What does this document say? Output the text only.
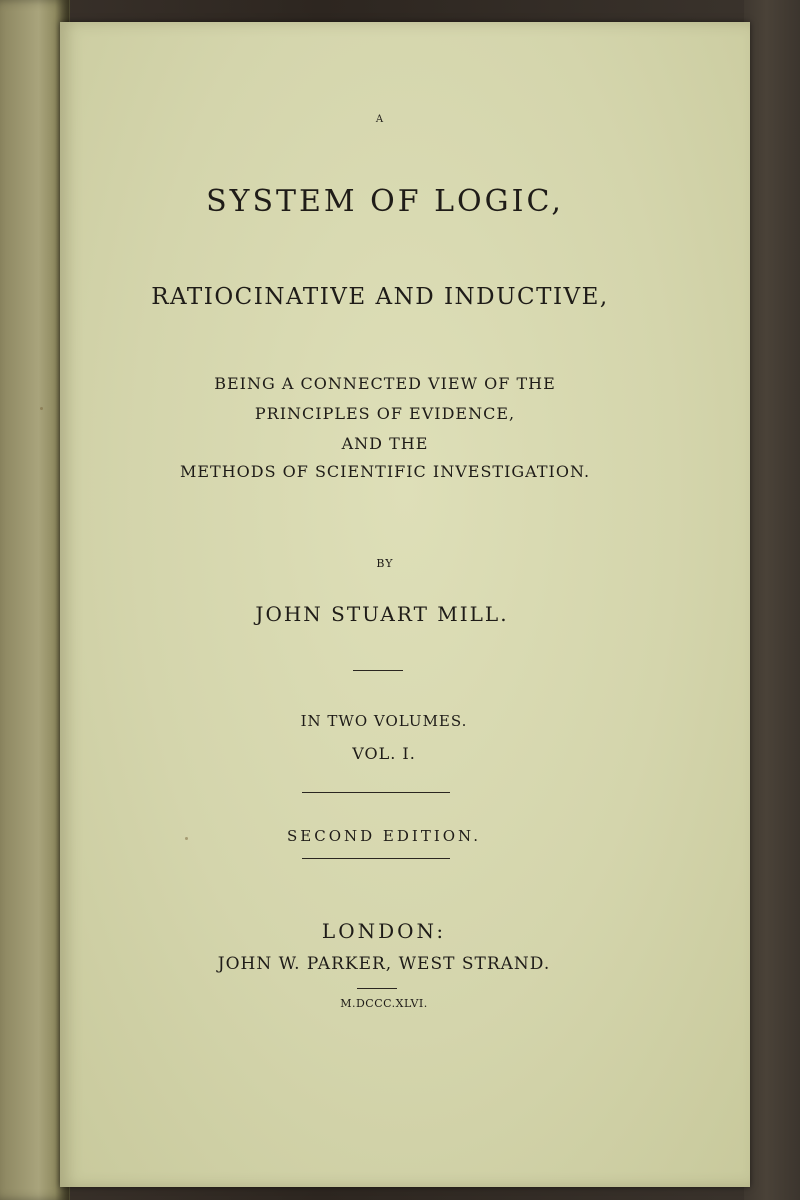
A
SYSTEM OF LOGIC,
RATIOCINATIVE AND INDUCTIVE,
BEING A CONNECTED VIEW OF THE
PRINCIPLES OF EVIDENCE,
AND THE
METHODS OF SCIENTIFIC INVESTIGATION.
BY
JOHN STUART MILL.
IN TWO VOLUMES.
VOL. I.
SECOND EDITION.
LONDON:
JOHN W. PARKER, WEST STRAND.
M.DCCC.XLVI.
